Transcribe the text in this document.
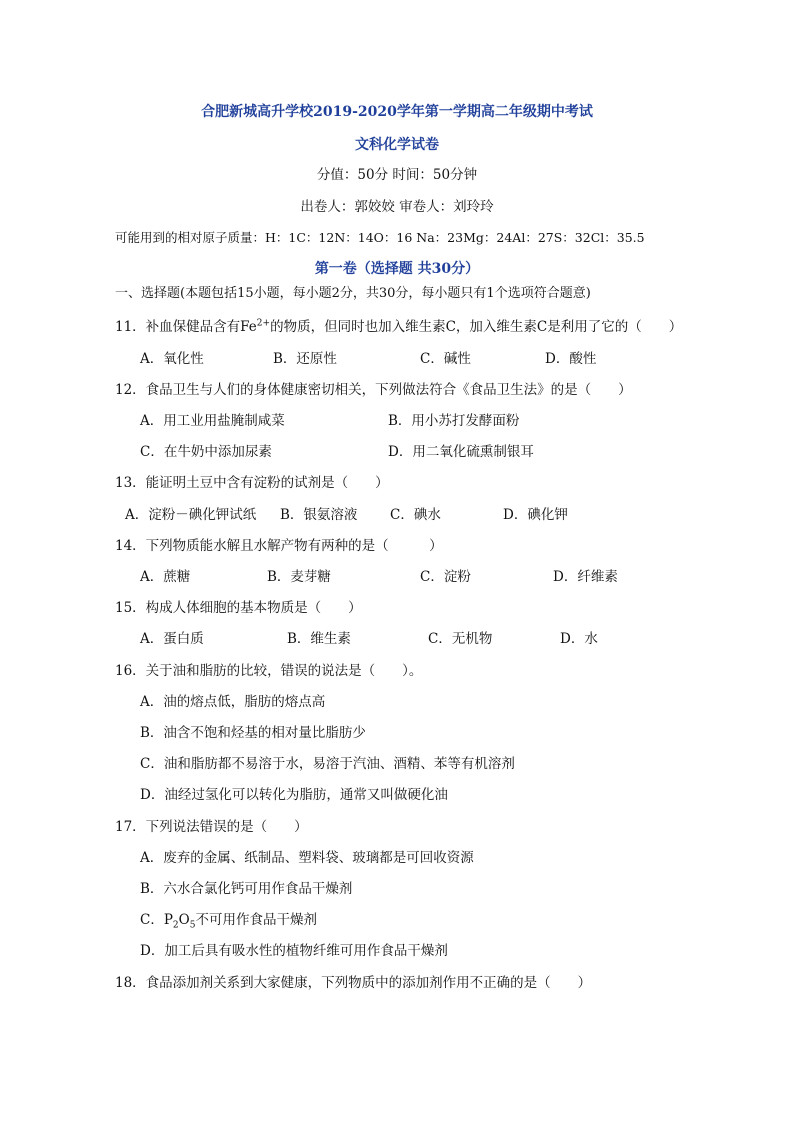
合肥新城高升学校2019-2020学年第一学期高二年级期中考试
文科化学试卷
分值：50分 时间：50分钟
出卷人：郭姣姣 审卷人：刘玲玲
可能用到的相对原子质量：H：1C：12N：14O：16 Na：23Mg：24Al：27S：32Cl：35.5
第一卷（选择题 共30分）
一、选择题(本题包括15小题，每小题2分，共30分，每小题只有1个选项符合题意)
11．补血保健品含有$Fe^{2+}$的物质，但同时也加入维生素C，加入维生素C是利用了它的（　　）
A．氧化性	B．还原性	C．碱性	D．酸性
12．食品卫生与人们的身体健康密切相关，下列做法符合《食品卫生法》的是（　　）
A．用工业用盐腌制咸菜	B．用小苏打发酵面粉
C．在牛奶中添加尿素	D．用二氧化硫熏制银耳
13．能证明土豆中含有淀粉的试剂是（　　）
A．淀粉－碘化钾试纸 B．银氨溶液 C．碘水	D．碘化钾
14．下列物质能水解且水解产物有两种的是（　　　）
A．蔗糖	B．麦芽糖	C．淀粉	D．纤维素
15．构成人体细胞的基本物质是（　　）
A．蛋白质	B．维生素	C．无机物	D．水
16．关于油和脂肪的比较，错误的说法是（　　）。
A．油的熔点低，脂肪的熔点高
B．油含不饱和烃基的相对量比脂肪少
C．油和脂肪都不易溶于水，易溶于汽油、酒精、苯等有机溶剂
D．油经过氢化可以转化为脂肪，通常又叫做硬化油
17．下列说法错误的是（　　）
A．废弃的金属、纸制品、塑料袋、玻璃都是可回收资源
B．六水合氯化钙可用作食品干燥剂
C．$P_2O_5$不可用作食品干燥剂
D．加工后具有吸水性的植物纤维可用作食品干燥剂
18．食品添加剂关系到大家健康，下列物质中的添加剂作用不正确的是（　　）
